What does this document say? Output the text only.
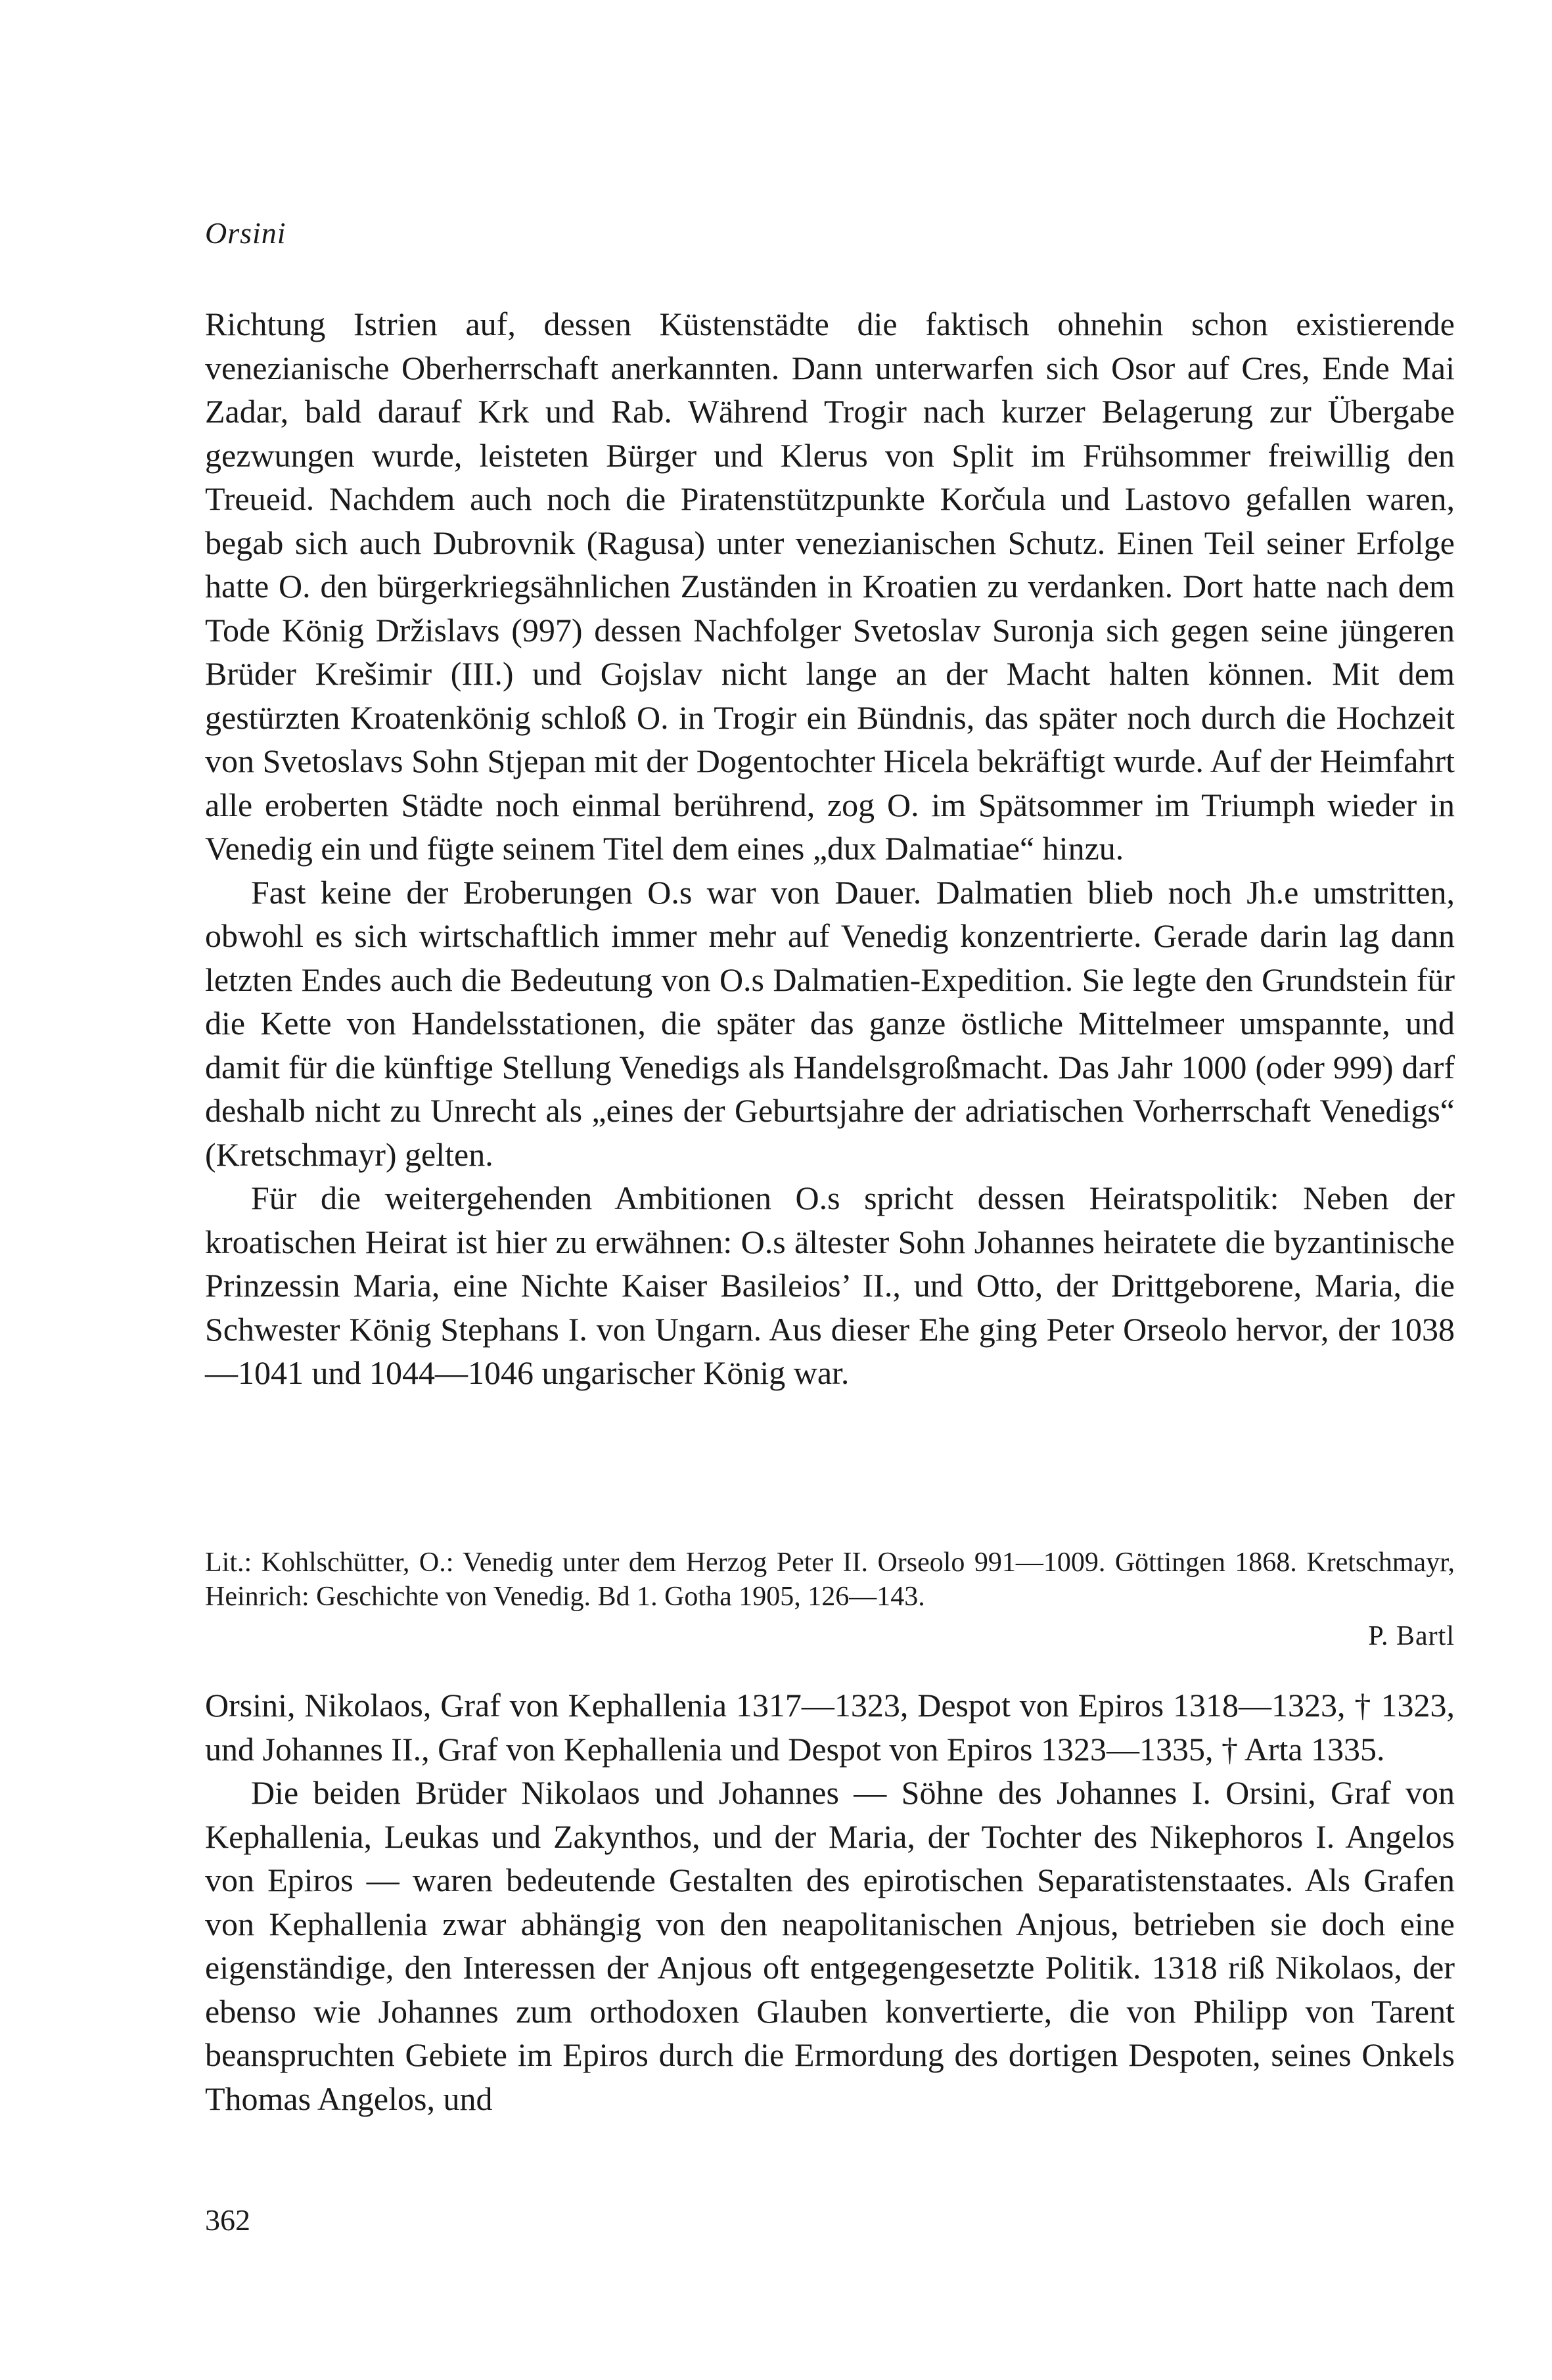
Orsini

Richtung Istrien auf, dessen Küstenstädte die faktisch ohnehin schon existierende venezianische Oberherrschaft anerkannten. Dann unterwarfen sich Osor auf Cres, Ende Mai Zadar, bald darauf Krk und Rab. Während Trogir nach kurzer Belagerung zur Übergabe gezwungen wurde, leisteten Bürger und Klerus von Split im Frühsommer freiwillig den Treueid. Nachdem auch noch die Piratenstützpunkte Korčula und Lastovo gefallen waren, begab sich auch Dubrovnik (Ragusa) unter venezianischen Schutz. Einen Teil seiner Erfolge hatte O. den bürgerkriegsähnlichen Zuständen in Kroatien zu verdanken. Dort hatte nach dem Tode König Držislavs (997) dessen Nachfolger Svetoslav Suronja sich gegen seine jüngeren Brüder Krešimir (III.) und Gojslav nicht lange an der Macht halten können. Mit dem gestürzten Kroatenkönig schloß O. in Trogir ein Bündnis, das später noch durch die Hochzeit von Svetoslavs Sohn Stjepan mit der Dogentochter Hicela bekräftigt wurde. Auf der Heimfahrt alle eroberten Städte noch einmal berührend, zog O. im Spätsommer im Triumph wieder in Venedig ein und fügte seinem Titel dem eines „dux Dalmatiae“ hinzu.

Fast keine der Eroberungen O.s war von Dauer. Dalmatien blieb noch Jh.e umstritten, obwohl es sich wirtschaftlich immer mehr auf Venedig konzentrierte. Gerade darin lag dann letzten Endes auch die Bedeutung von O.s Dalmatien-Expedition. Sie legte den Grundstein für die Kette von Handelsstationen, die später das ganze östliche Mittelmeer umspannte, und damit für die künftige Stellung Venedigs als Handelsgroßmacht. Das Jahr 1000 (oder 999) darf deshalb nicht zu Unrecht als „eines der Geburtsjahre der adriatischen Vorherrschaft Venedigs“ (Kretschmayr) gelten.

Für die weitergehenden Ambitionen O.s spricht dessen Heiratspolitik: Neben der kroatischen Heirat ist hier zu erwähnen: O.s ältester Sohn Johannes heiratete die byzantinische Prinzessin Maria, eine Nichte Kaiser Basileios’ II., und Otto, der Drittgeborene, Maria, die Schwester König Stephans I. von Ungarn. Aus dieser Ehe ging Peter Orseolo hervor, der 1038—1041 und 1044—1046 ungarischer König war.

Lit.: Kohlschütter, O.: Venedig unter dem Herzog Peter II. Orseolo 991—1009. Göttingen 1868. Kretschmayr, Heinrich: Geschichte von Venedig. Bd 1. Gotha 1905, 126—143.

P. Bartl

Orsini, Nikolaos, Graf von Kephallenia 1317—1323, Despot von Epiros 1318—1323, † 1323, und Johannes II., Graf von Kephallenia und Despot von Epiros 1323—1335, † Arta 1335.

Die beiden Brüder Nikolaos und Johannes — Söhne des Johannes I. Orsini, Graf von Kephallenia, Leukas und Zakynthos, und der Maria, der Tochter des Nikephoros I. Angelos von Epiros — waren bedeutende Gestalten des epirotischen Separatistenstaates. Als Grafen von Kephallenia zwar abhängig von den neapolitanischen Anjous, betrieben sie doch eine eigenständige, den Interessen der Anjous oft entgegengesetzte Politik. 1318 riß Nikolaos, der ebenso wie Johannes zum orthodoxen Glauben konvertierte, die von Philipp von Tarent beanspruchten Gebiete im Epiros durch die Ermordung des dortigen Despoten, seines Onkels Thomas Angelos, und

362
